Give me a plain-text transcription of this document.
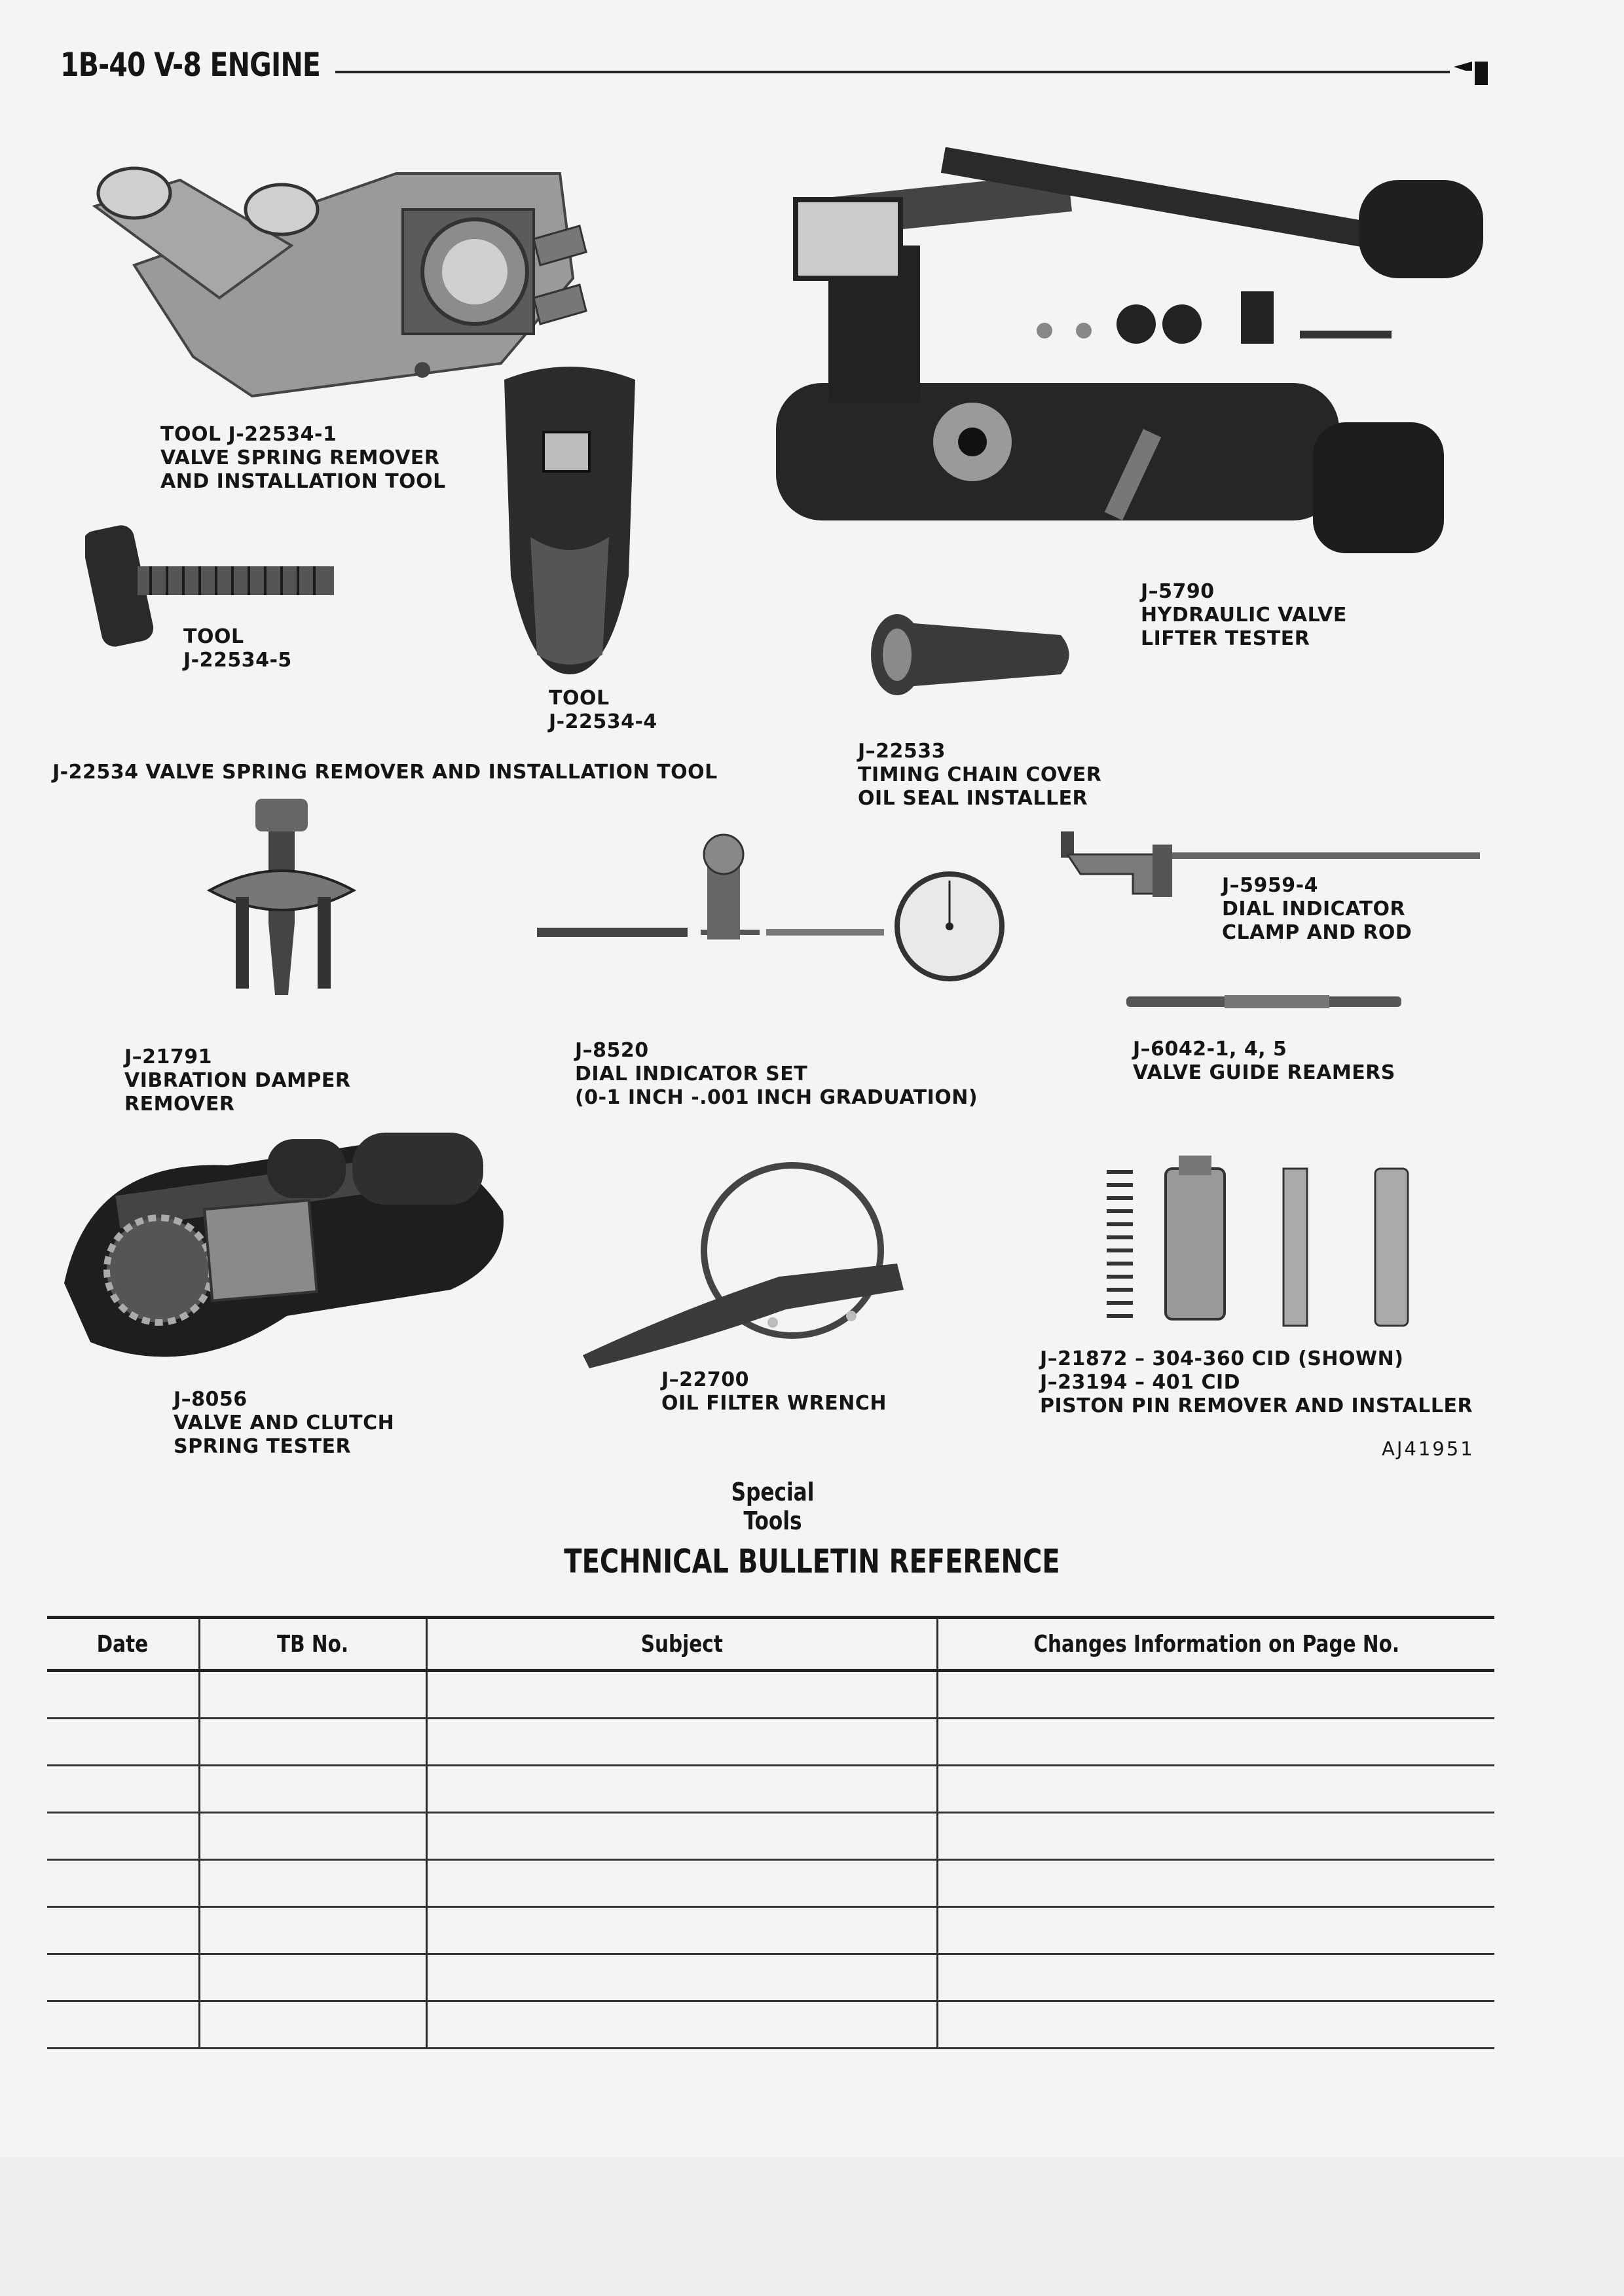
1B-40 V-8 ENGINE
TOOL J-22534-1
VALVE SPRING REMOVER
AND INSTALLATION TOOL
TOOL
J-22534-5
TOOL
J-22534-4
J-22534 VALVE SPRING REMOVER AND INSTALLATION TOOL
J–5790
HYDRAULIC VALVE
LIFTER TESTER
J–22533
TIMING CHAIN COVER
OIL SEAL INSTALLER
J–5959-4
DIAL INDICATOR
CLAMP AND ROD
J–21791
VIBRATION DAMPER
REMOVER
J–8520
DIAL INDICATOR SET
(0-1 INCH -.001 INCH GRADUATION)
J–6042-1, 4, 5
VALVE GUIDE REAMERS
J–8056
VALVE AND CLUTCH
SPRING TESTER
J–22700
OIL FILTER WRENCH
J–21872 – 304-360 CID (SHOWN)
J–23194 – 401 CID
PISTON PIN REMOVER AND INSTALLER
AJ41951
Special Tools
TECHNICAL BULLETIN REFERENCE
Date	TB No.	Subject	Changes Information on Page No.
